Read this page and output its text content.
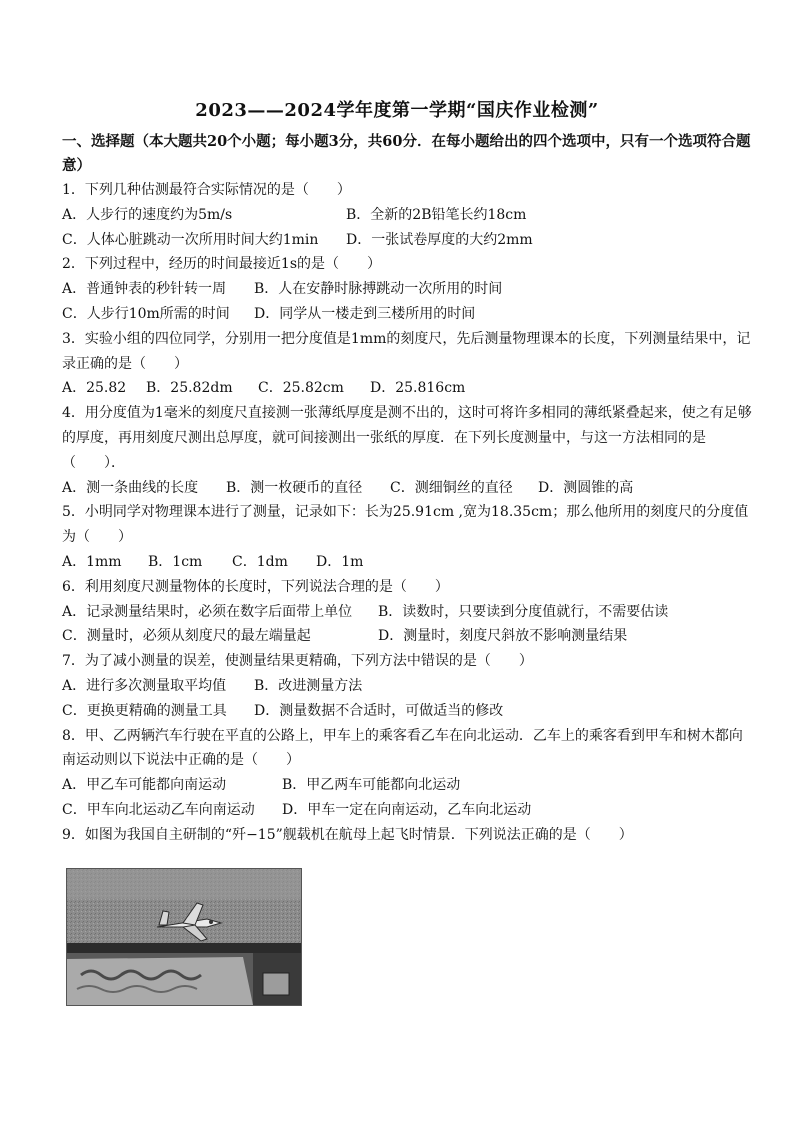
2023——2024学年度第一学期“国庆作业检测”
一、选择题（本大题共20个小题；每小题3分，共60分．在每小题给出的四个选项中，只有一个选项符合题意）
1．下列几种估测最符合实际情况的是（　　）
A．人步行的速度约为5m/s	B．全新的2B铅笔长约18cm
C．人体心脏跳动一次所用时间大约1min	D．一张试卷厚度的大约2mm
2．下列过程中，经历的时间最接近1s的是（　　）
A．普通钟表的秒针转一周	B．人在安静时脉搏跳动一次所用的时间
C．人步行10m所需的时间	D．同学从一楼走到三楼所用的时间
3．实验小组的四位同学，分别用一把分度值是1mm的刻度尺，先后测量物理课本的长度，下列测量结果中，记录正确的是（　　）
A．25.82	B．25.82dm	C．25.82cm	D．25.816cm
4．用分度值为1毫米的刻度尺直接测一张薄纸厚度是测不出的，这时可将许多相同的薄纸紧叠起来，使之有足够的厚度，再用刻度尺测出总厚度，就可间接测出一张纸的厚度．在下列长度测量中，与这一方法相同的是（　　）．
A．测一条曲线的长度	B．测一枚硬币的直径	C．测细铜丝的直径	D．测圆锥的高
5．小明同学对物理课本进行了测量，记录如下：长为25.91cm ,宽为18.35cm；那么他所用的刻度尺的分度值为（　　）
A．1mm	B．1cm	C．1dm	D．1m
6．利用刻度尺测量物体的长度时，下列说法合理的是（　　）
A．记录测量结果时，必须在数字后面带上单位	B．读数时，只要读到分度值就行，不需要估读
C．测量时，必须从刻度尺的最左端量起	D．测量时，刻度尺斜放不影响测量结果
7．为了减小测量的误差，使测量结果更精确，下列方法中错误的是（　　）
A．进行多次测量取平均值	B．改进测量方法
C．更换更精确的测量工具	D．测量数据不合适时，可做适当的修改
8．甲、乙两辆汽车行驶在平直的公路上，甲车上的乘客看乙车在向北运动．乙车上的乘客看到甲车和树木都向南运动则以下说法中正确的是（　　）
A．甲乙车可能都向南运动	B．甲乙两车可能都向北运动
C．甲车向北运动乙车向南运动	D．甲车一定在向南运动，乙车向北运动
9．如图为我国自主研制的“歼−15”舰载机在航母上起飞时情景．下列说法正确的是（　　）
